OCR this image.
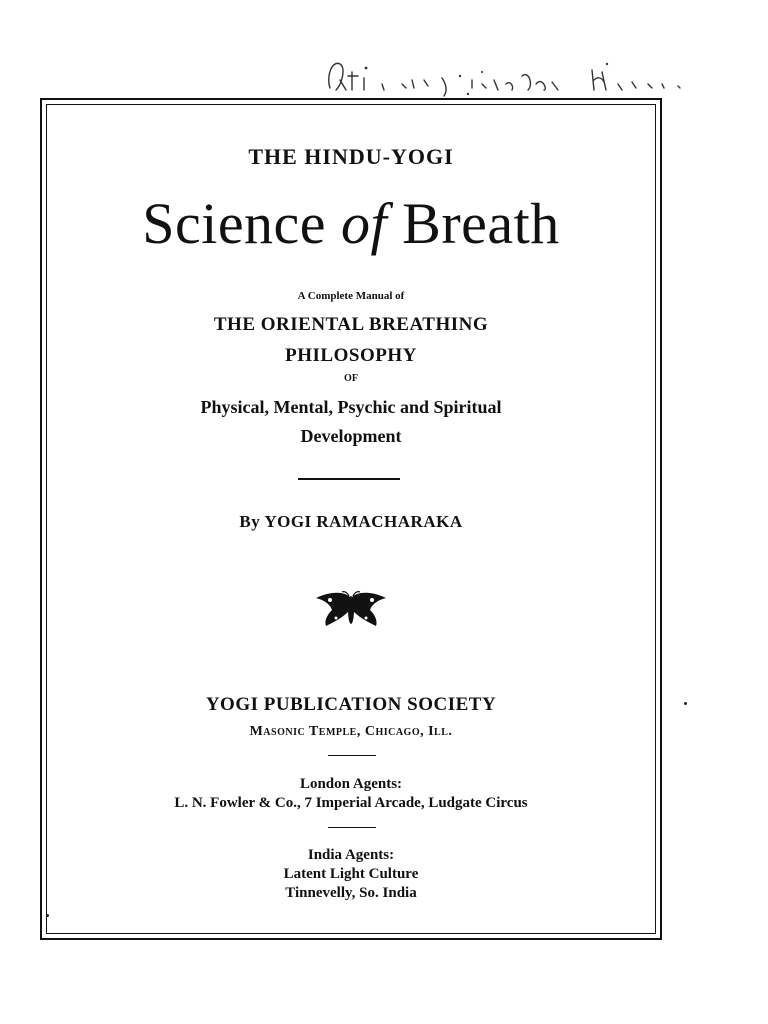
THE HINDU-YOGI
Science of Breath
A Complete Manual of
THE ORIENTAL BREATHING
PHILOSOPHY
OF
Physical, Mental, Psychic and Spiritual
Development
By YOGI RAMACHARAKA
YOGI PUBLICATION SOCIETY
Masonic Temple, Chicago, Ill.
London Agents:
L. N. Fowler & Co., 7 Imperial Arcade, Ludgate Circus
India Agents:
Latent Light Culture
Tinnevelly, So. India
